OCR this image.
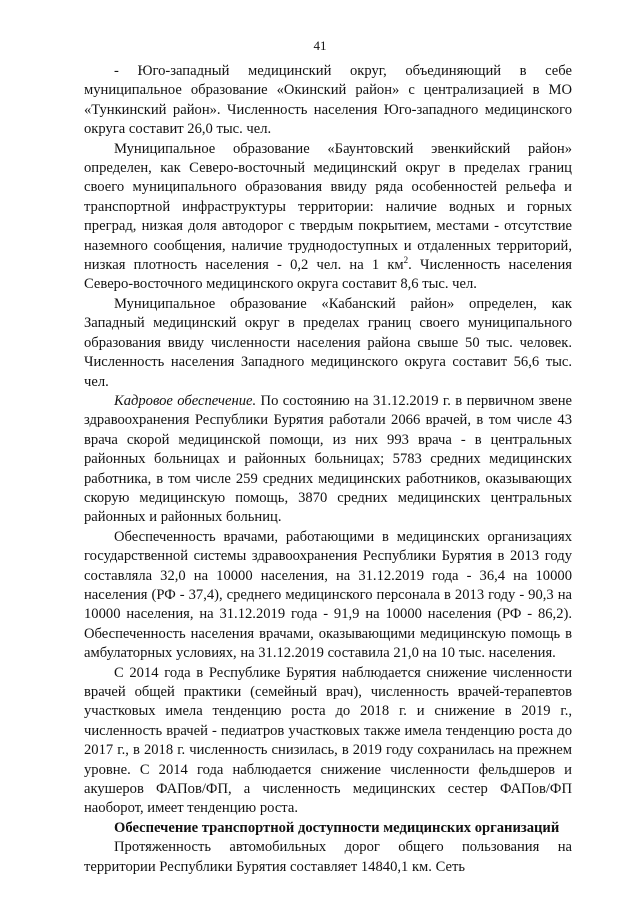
41

- Юго-западный медицинский округ, объединяющий в себе муниципальное образование «Окинский район» с централизацией в МО «Тункинский район». Численность населения Юго-западного медицинского округа составит 26,0 тыс. чел.

Муниципальное образование «Баунтовский эвенкийский район» определен, как Северо-восточный медицинский округ в пределах границ своего муниципального образования ввиду ряда особенностей рельефа и транспортной инфраструктуры территории: наличие водных и горных преград, низкая доля автодорог с твердым покрытием, местами - отсутствие наземного сообщения, наличие труднодоступных и отдаленных территорий, низкая плотность населения - 0,2 чел. на 1 $км^2$. Численность населения Северо-восточного медицинского округа составит 8,6 тыс. чел.

Муниципальное образование «Кабанский район» определен, как Западный медицинский округ в пределах границ своего муниципального образования ввиду численности населения района свыше 50 тыс. человек. Численность населения Западного медицинского округа составит 56,6 тыс. чел.

Кадровое обеспечение. По состоянию на 31.12.2019 г. в первичном звене здравоохранения Республики Бурятия работали 2066 врачей, в том числе 43 врача скорой медицинской помощи, из них 993 врача - в центральных районных больницах и районных больницах; 5783 средних медицинских работника, в том числе 259 средних медицинских работников, оказывающих скорую медицинскую помощь, 3870 средних медицинских центральных районных и районных больниц.

Обеспеченность врачами, работающими в медицинских организациях государственной системы здравоохранения Республики Бурятия в 2013 году составляла 32,0 на 10000 населения, на 31.12.2019 года - 36,4 на 10000 населения (РФ - 37,4), среднего медицинского персонала в 2013 году - 90,3 на 10000 населения, на 31.12.2019 года - 91,9 на 10000 населения (РФ - 86,2). Обеспеченность населения врачами, оказывающими медицинскую помощь в амбулаторных условиях, на 31.12.2019 составила 21,0 на 10 тыс. населения.

С 2014 года в Республике Бурятия наблюдается снижение численности врачей общей практики (семейный врач), численность врачей-терапевтов участковых имела тенденцию роста до 2018 г. и снижение в 2019 г., численность врачей - педиатров участковых также имела тенденцию роста до 2017 г., в 2018 г. численность снизилась, в 2019 году сохранилась на прежнем уровне. С 2014 года наблюдается снижение численности фельдшеров и акушеров ФАПов/ФП, а численность медицинских сестер ФАПов/ФП наоборот, имеет тенденцию роста.

Обеспечение транспортной доступности медицинских организаций

Протяженность автомобильных дорог общего пользования на территории Республики Бурятия составляет 14840,1 км. Сеть
